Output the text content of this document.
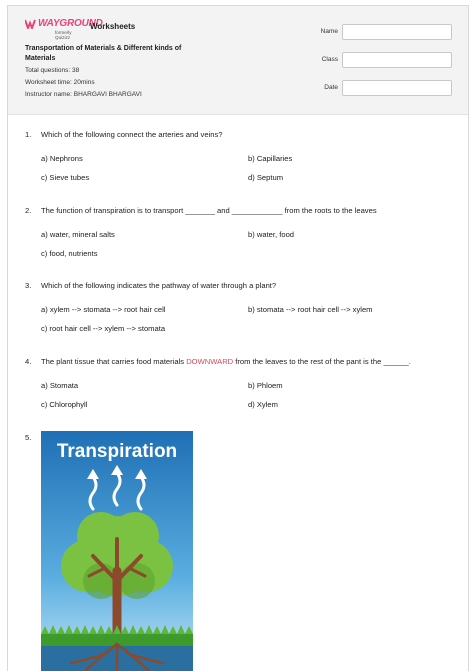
WAYGROUND
formerly Quizizz
Worksheets
Transportation of Materials & Different kinds of Materials
Total questions: 38
Worksheet time: 20mins
Instructor name: BHARGAVI BHARGAVI
Name
Class
Date
1. Which of the following connect the arteries and veins?
a) Nephrons	b) Capillaries
c) Sieve tubes	d) Septum
2. The function of transpiration is to transport _______ and ____________ from the roots to the leaves
a) water, mineral salts	b) water, food
c) food, nutrients
3. Which of the following indicates the pathway of water through a plant?
a) xylem --> stomata --> root hair cell	b) stomata --> root hair cell --> xylem
c) root hair cell --> xylem --> stomata
4. The plant tissue that carries food materials DOWNWARD from the leaves to the rest of the pant is the ______.
a) Stomata	b) Phloem
c) Chlorophyll	d) Xylem
5.
Transpiration
